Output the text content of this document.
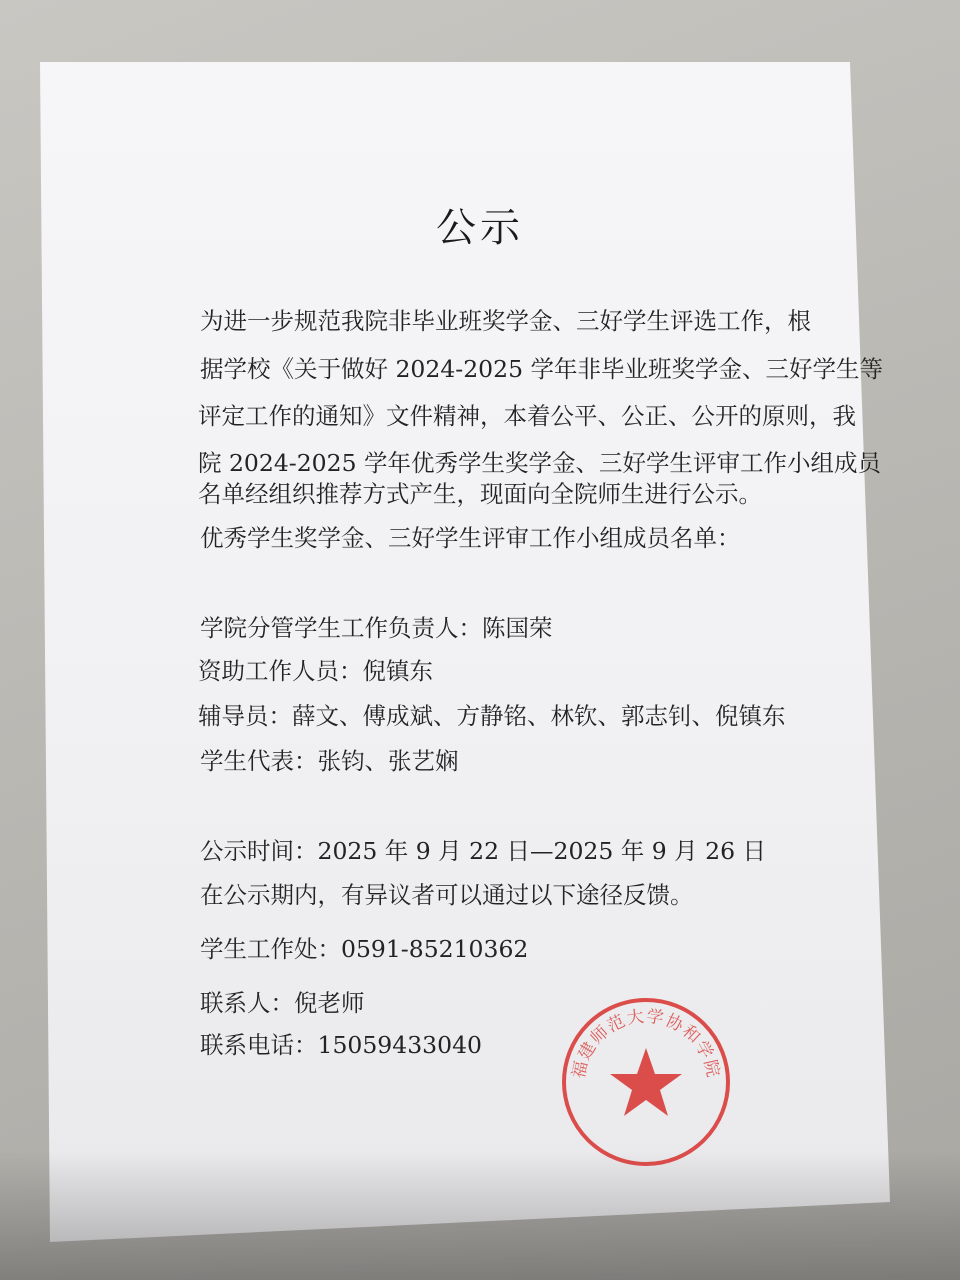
公示

为进一步规范我院非毕业班奖学金、三好学生评选工作，根

据学校《关于做好 2024-2025 学年非毕业班奖学金、三好学生等

评定工作的通知》文件精神，本着公平、公正、公开的原则，我

院 2024-2025 学年优秀学生奖学金、三好学生评审工作小组成员

名单经组织推荐方式产生，现面向全院师生进行公示。

优秀学生奖学金、三好学生评审工作小组成员名单：

学院分管学生工作负责人：陈国荣

资助工作人员：倪镇东

辅导员：薛文、傅成斌、方静铭、林钦、郭志钊、倪镇东

学生代表：张钧、张艺娴

公示时间：2025 年 9 月 22 日—2025 年 9 月 26 日

在公示期内，有异议者可以通过以下途径反馈。

学生工作处：0591-85210362

联系人：倪老师

联系电话：15059433040

福建师范大学协和学院
